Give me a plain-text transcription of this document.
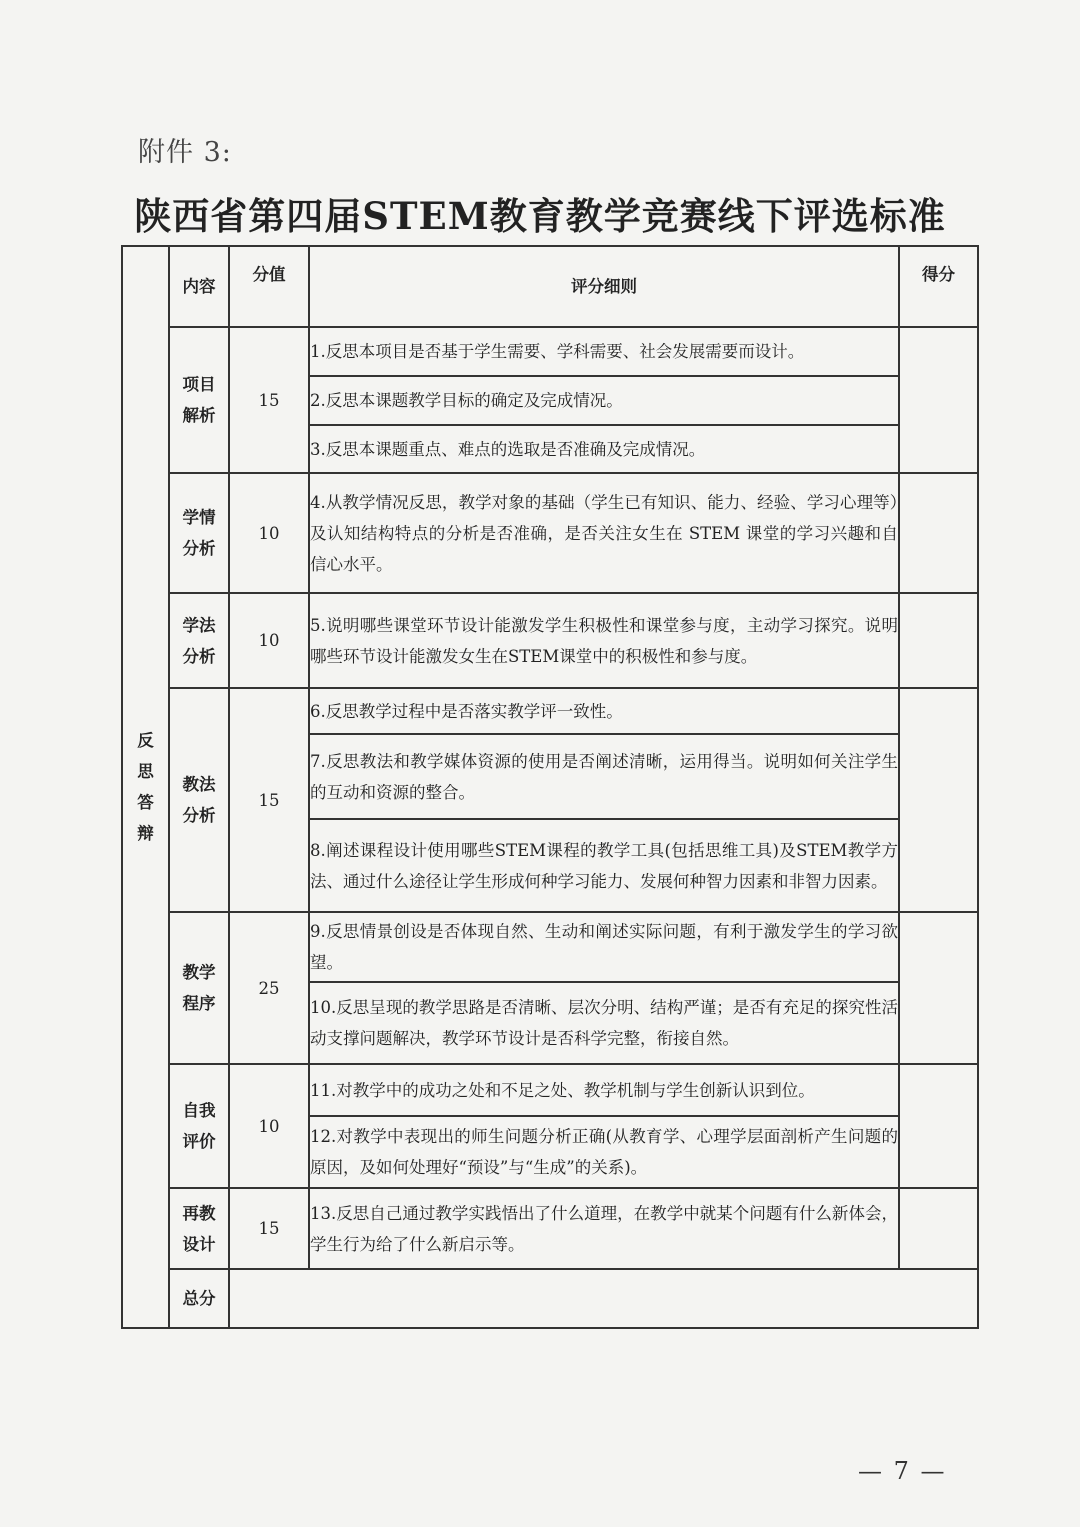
附件 3:
陕西省第四届STEM教育教学竞赛线下评选标准
反思答辩	内容	分值	评分细则	得分
	项目解析	15	1.反思本项目是否基于学生需要、学科需要、社会发展需要而设计。	
			2.反思本课题教学目标的确定及完成情况。	
			3.反思本课题重点、难点的选取是否准确及完成情况。	
	学情分析	10	4.从教学情况反思，教学对象的基础（学生已有知识、能力、经验、学习心理等）及认知结构特点的分析是否准确，是否关注女生在 STEM 课堂的学习兴趣和自信心水平。	
	学法分析	10	5.说明哪些课堂环节设计能激发学生积极性和课堂参与度，主动学习探究。说明哪些环节设计能激发女生在STEM课堂中的积极性和参与度。	
	教法分析	15	6.反思教学过程中是否落实教学评一致性。	
			7.反思教法和教学媒体资源的使用是否阐述清晰，运用得当。说明如何关注学生的互动和资源的整合。	
			8.阐述课程设计使用哪些STEM课程的教学工具(包括思维工具)及STEM教学方法、通过什么途径让学生形成何种学习能力、发展何种智力因素和非智力因素。	
	教学程序	25	9.反思情景创设是否体现自然、生动和阐述实际问题，有利于激发学生的学习欲望。	
			10.反思呈现的教学思路是否清晰、层次分明、结构严谨；是否有充足的探究性活动支撑问题解决，教学环节设计是否科学完整，衔接自然。	
	自我评价	10	11.对教学中的成功之处和不足之处、教学机制与学生创新认识到位。	
			12.对教学中表现出的师生问题分析正确(从教育学、心理学层面剖析产生问题的原因，及如何处理好“预设”与“生成”的关系)。	
	再教设计	15	13.反思自己通过教学实践悟出了什么道理，在教学中就某个问题有什么新体会，学生行为给了什么新启示等。	
	总分			
— 7 —
